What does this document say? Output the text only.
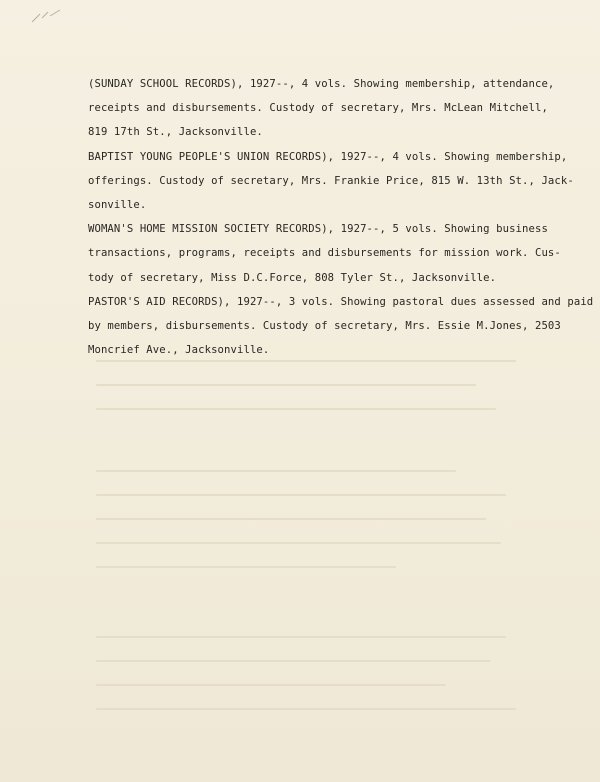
(SUNDAY SCHOOL RECORDS), 1927--, 4 vols. Showing membership, attendance,
receipts and disbursements. Custody of secretary, Mrs. McLean Mitchell,
819 17th St., Jacksonville.
BAPTIST YOUNG PEOPLE'S UNION RECORDS), 1927--, 4 vols. Showing membership,
offerings. Custody of secretary, Mrs. Frankie Price, 815 W. 13th St., Jack-
sonville.
WOMAN'S HOME MISSION SOCIETY RECORDS), 1927--, 5 vols. Showing business
transactions, programs, receipts and disbursements for mission work. Cus-
tody of secretary, Miss D.C.Force, 808 Tyler St., Jacksonville.
PASTOR'S AID RECORDS), 1927--, 3 vols. Showing pastoral dues assessed and paid
by members, disbursements. Custody of secretary, Mrs. Essie M.Jones, 2503
Moncrief Ave., Jacksonville.
